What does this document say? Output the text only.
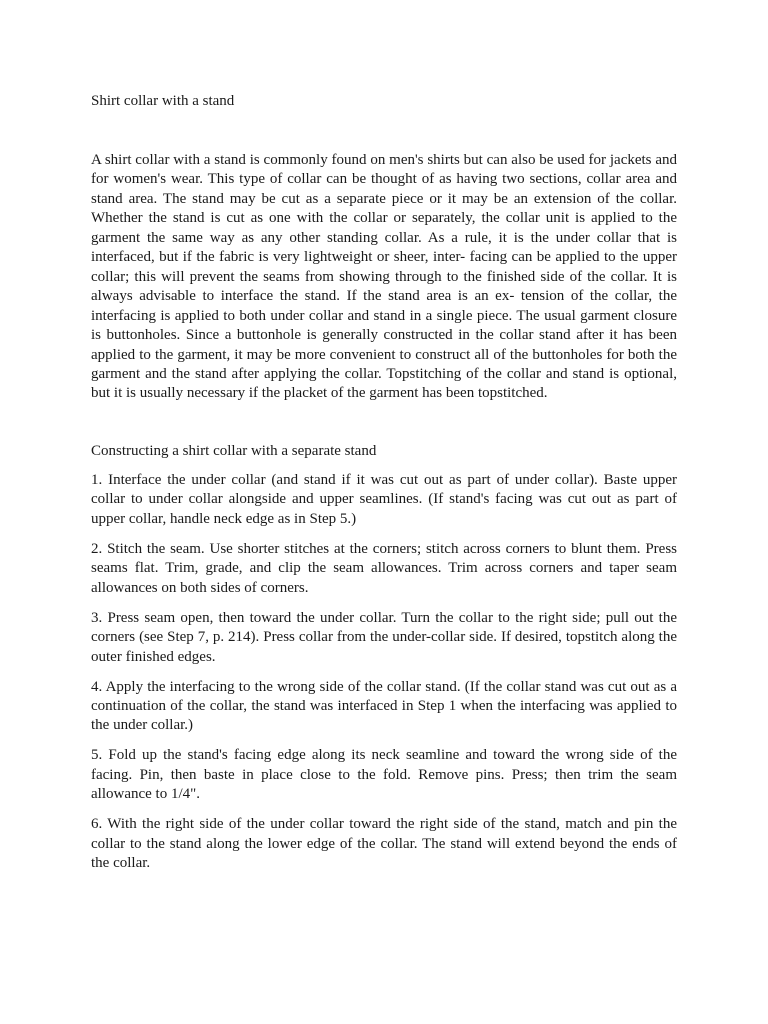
Shirt collar with a stand

A shirt collar with a stand is commonly found on men's shirts but can also be used for jackets and for women's wear. This type of collar can be thought of as having two sections, collar area and stand area. The stand may be cut as a separate piece or it may be an extension of the collar. Whether the stand is cut as one with the collar or separately, the collar unit is applied to the garment the same way as any other standing collar. As a rule, it is the under collar that is interfaced, but if the fabric is very lightweight or sheer, inter- facing can be applied to the upper collar; this will prevent the seams from showing through to the finished side of the collar. It is always advisable to interface the stand. If the stand area is an ex- tension of the collar, the interfacing is applied to both under collar and stand in a single piece. The usual garment closure is buttonholes. Since a buttonhole is generally constructed in the collar stand after it has been applied to the garment, it may be more convenient to construct all of the buttonholes for both the garment and the stand after applying the collar. Topstitching of the collar and stand is optional, but it is usually necessary if the placket of the garment has been topstitched.

Constructing a shirt collar with a separate stand
1. Interface the under collar (and stand if it was cut out as part of under collar). Baste upper collar to under collar alongside and upper seamlines. (If stand's facing was cut out as part of upper collar, handle neck edge as in Step 5.)
2. Stitch the seam. Use shorter stitches at the corners; stitch across corners to blunt them. Press seams flat. Trim, grade, and clip the seam allowances. Trim across corners and taper seam allowances on both sides of corners.
3. Press seam open, then toward the under collar. Turn the collar to the right side; pull out the corners (see Step 7, p. 214). Press collar from the under-collar side. If desired, topstitch along the outer finished edges.
4. Apply the interfacing to the wrong side of the collar stand. (If the collar stand was cut out as a continuation of the collar, the stand was interfaced in Step 1 when the interfacing was applied to the under collar.)
5. Fold up the stand's facing edge along its neck seamline and toward the wrong side of the facing. Pin, then baste in place close to the fold. Remove pins. Press; then trim the seam allowance to 1/4".
6. With the right side of the under collar toward the right side of the stand, match and pin the collar to the stand along the lower edge of the collar. The stand will extend beyond the ends of the collar.
